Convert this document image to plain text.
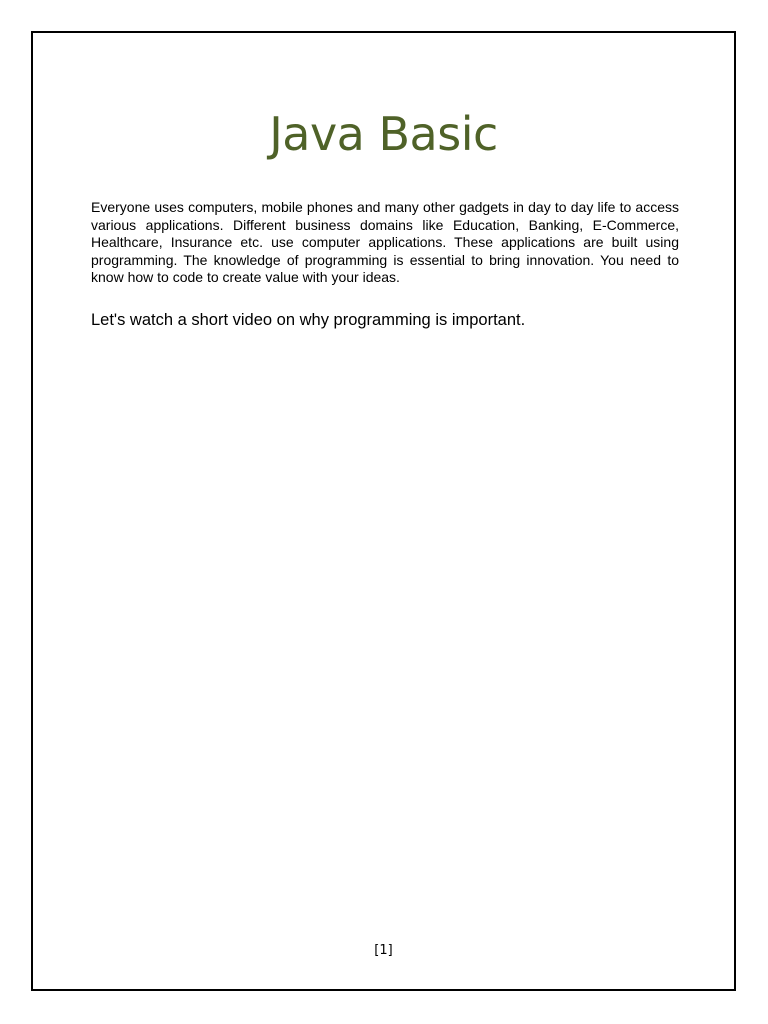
Java Basic

Everyone uses computers, mobile phones and many other gadgets in day to day life to access various applications. Different business domains like Education, Banking, E-Commerce, Healthcare, Insurance etc. use computer applications. These applications are built using programming. The knowledge of programming is essential to bring innovation. You need to know how to code to create value with your ideas.

Let's watch a short video on why programming is important.

[1]
